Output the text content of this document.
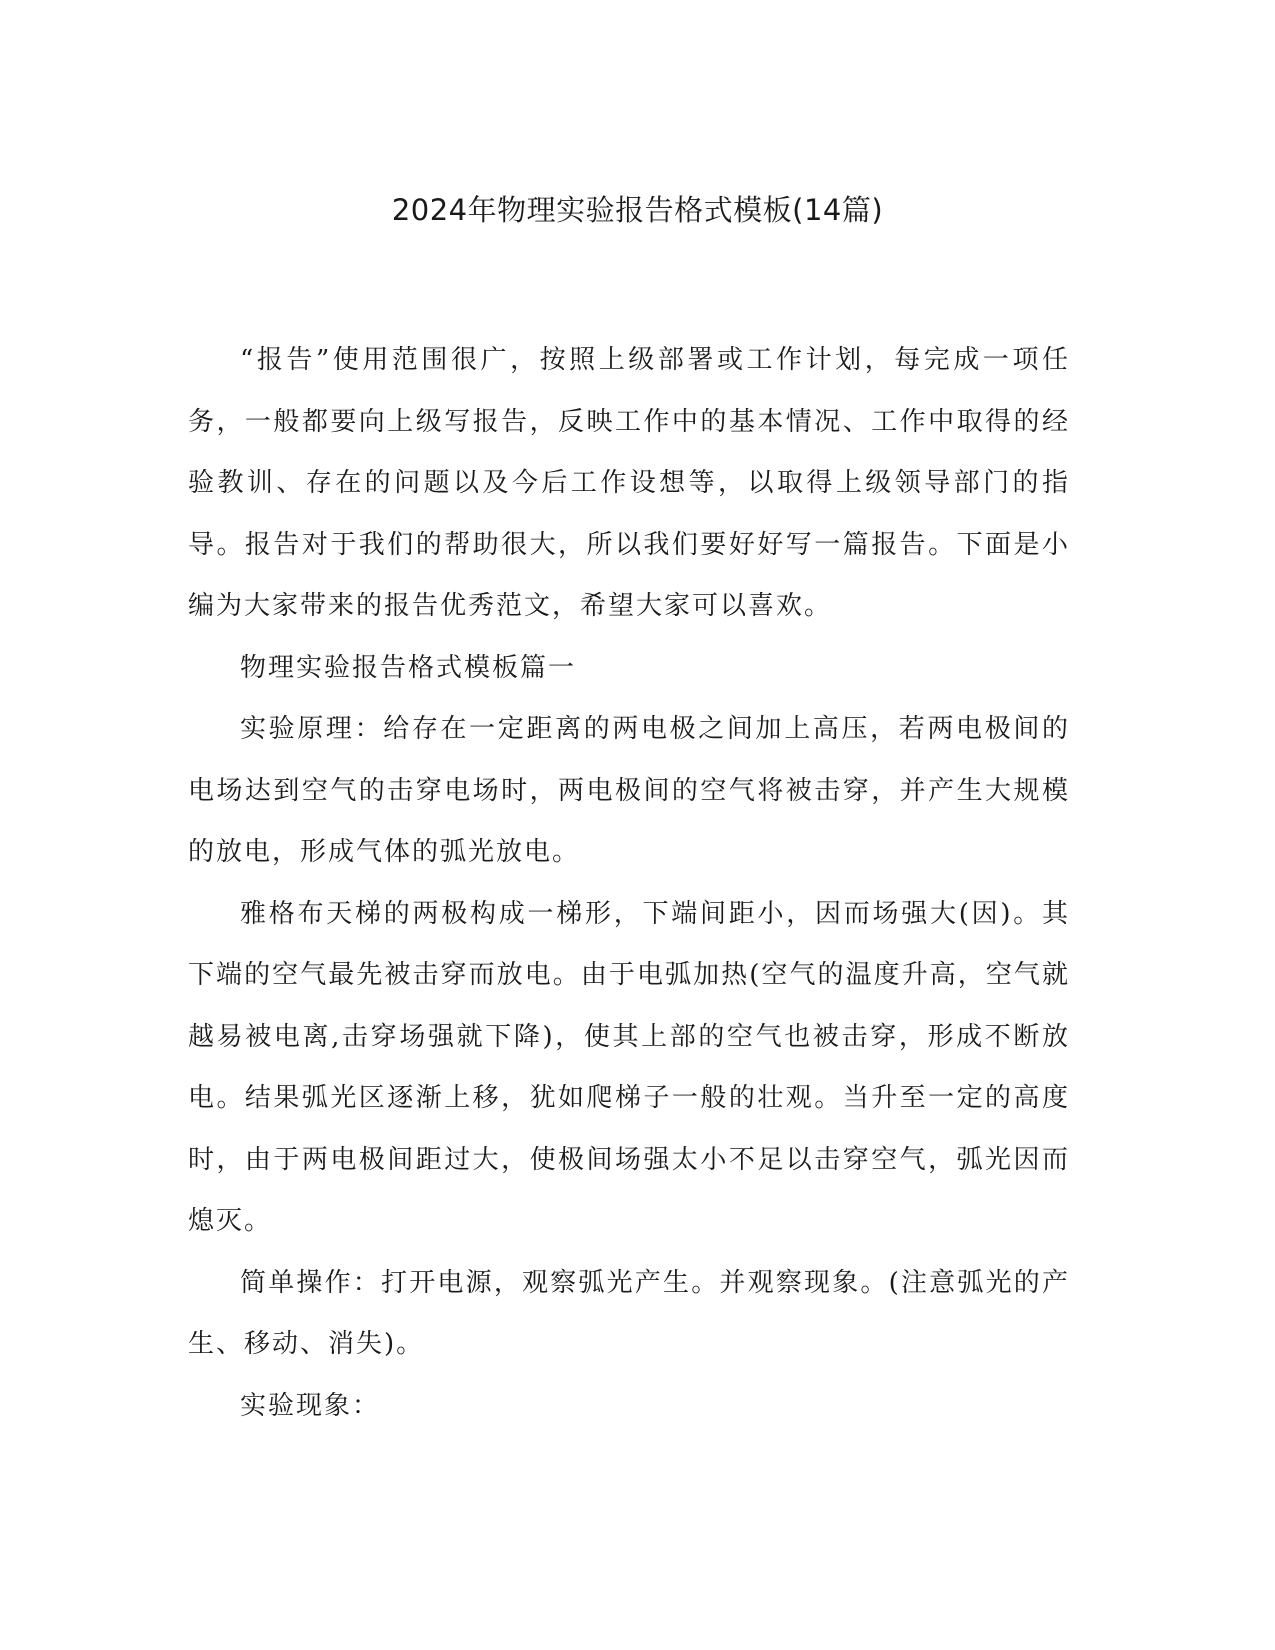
2024年物理实验报告格式模板(14篇)

“报告”使用范围很广，按照上级部署或工作计划，每完成一项任务，一般都要向上级写报告，反映工作中的基本情况、工作中取得的经验教训、存在的问题以及今后工作设想等，以取得上级领导部门的指导。报告对于我们的帮助很大，所以我们要好好写一篇报告。下面是小编为大家带来的报告优秀范文，希望大家可以喜欢。

物理实验报告格式模板篇一

实验原理：给存在一定距离的两电极之间加上高压，若两电极间的电场达到空气的击穿电场时，两电极间的空气将被击穿，并产生大规模的放电，形成气体的弧光放电。

雅格布天梯的两极构成一梯形，下端间距小，因而场强大(因)。其下端的空气最先被击穿而放电。由于电弧加热(空气的温度升高，空气就越易被电离,击穿场强就下降)，使其上部的空气也被击穿，形成不断放电。结果弧光区逐渐上移，犹如爬梯子一般的壮观。当升至一定的高度时，由于两电极间距过大，使极间场强太小不足以击穿空气，弧光因而熄灭。

简单操作：打开电源，观察弧光产生。并观察现象。(注意弧光的产生、移动、消失)。

实验现象：
